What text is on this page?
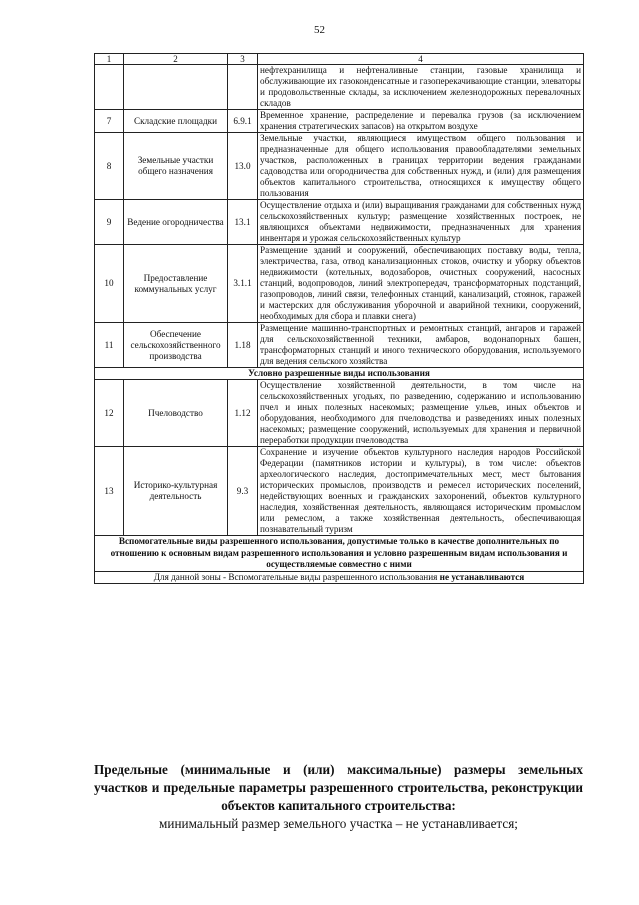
52
1	2	3	4
			нефтехранилища и нефтеналивные станции, газовые хранилища и обслуживающие их газоконденсатные и газоперекачивающие станции, элеваторы и продовольственные склады, за исключением железнодорожных перевалочных складов
7	Складские площадки	6.9.1	Временное хранение, распределение и перевалка грузов (за исключением хранения стратегических запасов) на открытом воздухе
8	Земельные участки общего назначения	13.0	Земельные участки, являющиеся имуществом общего пользования и предназначенные для общего использования правообладателями земельных участков, расположенных в границах территории ведения гражданами садоводства или огородничества для собственных нужд, и (или) для размещения объектов капитального строительства, относящихся к имуществу общего пользования
9	Ведение огородничества	13.1	Осуществление отдыха и (или) выращивания гражданами для собственных нужд сельскохозяйственных культур; размещение хозяйственных построек, не являющихся объектами недвижимости, предназначенных для хранения инвентаря и урожая сельскохозяйственных культур
10	Предоставление коммунальных услуг	3.1.1	Размещение зданий и сооружений, обеспечивающих поставку воды, тепла, электричества, газа, отвод канализационных стоков, очистку и уборку объектов недвижимости (котельных, водозаборов, очистных сооружений, насосных станций, водопроводов, линий электропередач, трансформаторных подстанций, газопроводов, линий связи, телефонных станций, канализаций, стоянок, гаражей и мастерских для обслуживания уборочной и аварийной техники, сооружений, необходимых для сбора и плавки снега)
11	Обеспечение сельскохозяйственного производства	1.18	Размещение машинно-транспортных и ремонтных станций, ангаров и гаражей для сельскохозяйственной техники, амбаров, водонапорных башен, трансформаторных станций и иного технического оборудования, используемого для ведения сельского хозяйства
Условно разрешенные виды использования			
12	Пчеловодство	1.12	Осуществление хозяйственной деятельности, в том числе на сельскохозяйственных угодьях, по разведению, содержанию и использованию пчел и иных полезных насекомых; размещение ульев, иных объектов и оборудования, необходимого для пчеловодства и разведениях иных полезных насекомых; размещение сооружений, используемых для хранения и первичной переработки продукции пчеловодства
13	Историко-культурная деятельность	9.3	Сохранение и изучение объектов культурного наследия народов Российской Федерации (памятников истории и культуры), в том числе: объектов археологического наследия, достопримечательных мест, мест бытования исторических промыслов, производств и ремесел исторических поселений, недействующих военных и гражданских захоронений, объектов культурного наследия, хозяйственная деятельность, являющаяся историческим промыслом или ремеслом, а также хозяйственная деятельность, обеспечивающая познавательный туризм
Вспомогательные виды разрешенного использования, допустимые только в качестве дополнительных по отношению к основным видам разрешенного использования и условно разрешенным видам использования и осуществляемые совместно с ними			
Для данной зоны - Вспомогательные виды разрешенного использования не устанавливаются			
Предельные (минимальные и (или) максимальные) размеры земельных участков и предельные параметры разрешенного строительства, реконструкции объектов капитального строительства:
минимальный размер земельного участка – не устанавливается;
